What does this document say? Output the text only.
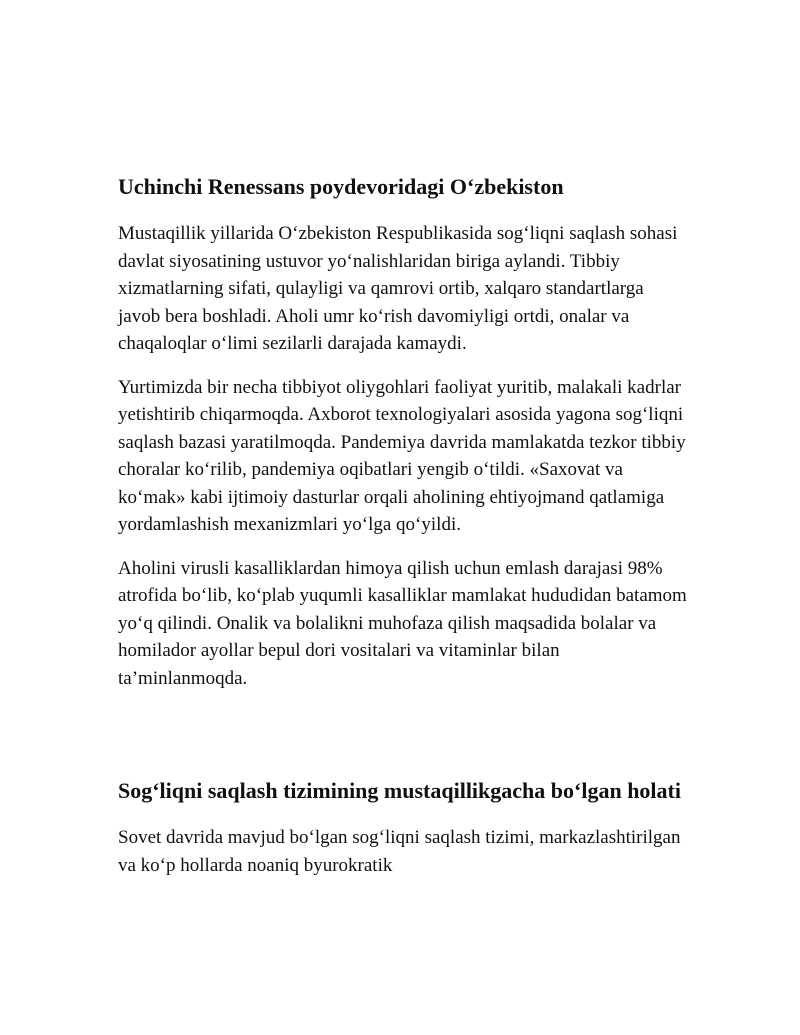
Uchinchi Renessans poydevoridagi O‘zbekiston

Mustaqillik yillarida O‘zbekiston Respublikasida sog‘liqni saqlash sohasi davlat siyosatining ustuvor yo‘nalishlaridan biriga aylandi. Tibbiy xizmatlarning sifati, qulayligi va qamrovi ortib, xalqaro standartlarga javob bera boshladi. Aholi umr ko‘rish davomiyligi ortdi, onalar va chaqaloqlar o‘limi sezilarli darajada kamaydi.

Yurtimizda bir necha tibbiyot oliygohlari faoliyat yuritib, malakali kadrlar yetishtirib chiqarmoqda. Axborot texnologiyalari asosida yagona sog‘liqni saqlash bazasi yaratilmoqda. Pandemiya davrida mamlakatda tezkor tibbiy choralar ko‘rilib, pandemiya oqibatlari yengib o‘tildi. «Saxovat va ko‘mak» kabi ijtimoiy dasturlar orqali aholining ehtiyojmand qatlamiga yordamlashish mexanizmlari yo‘lga qo‘yildi.

Aholini virusli kasalliklardan himoya qilish uchun emlash darajasi 98% atrofida bo‘lib, ko‘plab yuqumli kasalliklar mamlakat hududidan batamom yo‘q qilindi. Onalik va bolalikni muhofaza qilish maqsadida bolalar va homilador ayollar bepul dori vositalari va vitaminlar bilan ta’minlanmoqda.

Sog‘liqni saqlash tizimining mustaqillikgacha bo‘lgan holati

Sovet davrida mavjud bo‘lgan sog‘liqni saqlash tizimi, markazlashtirilgan va ko‘p hollarda noaniq byurokratik
